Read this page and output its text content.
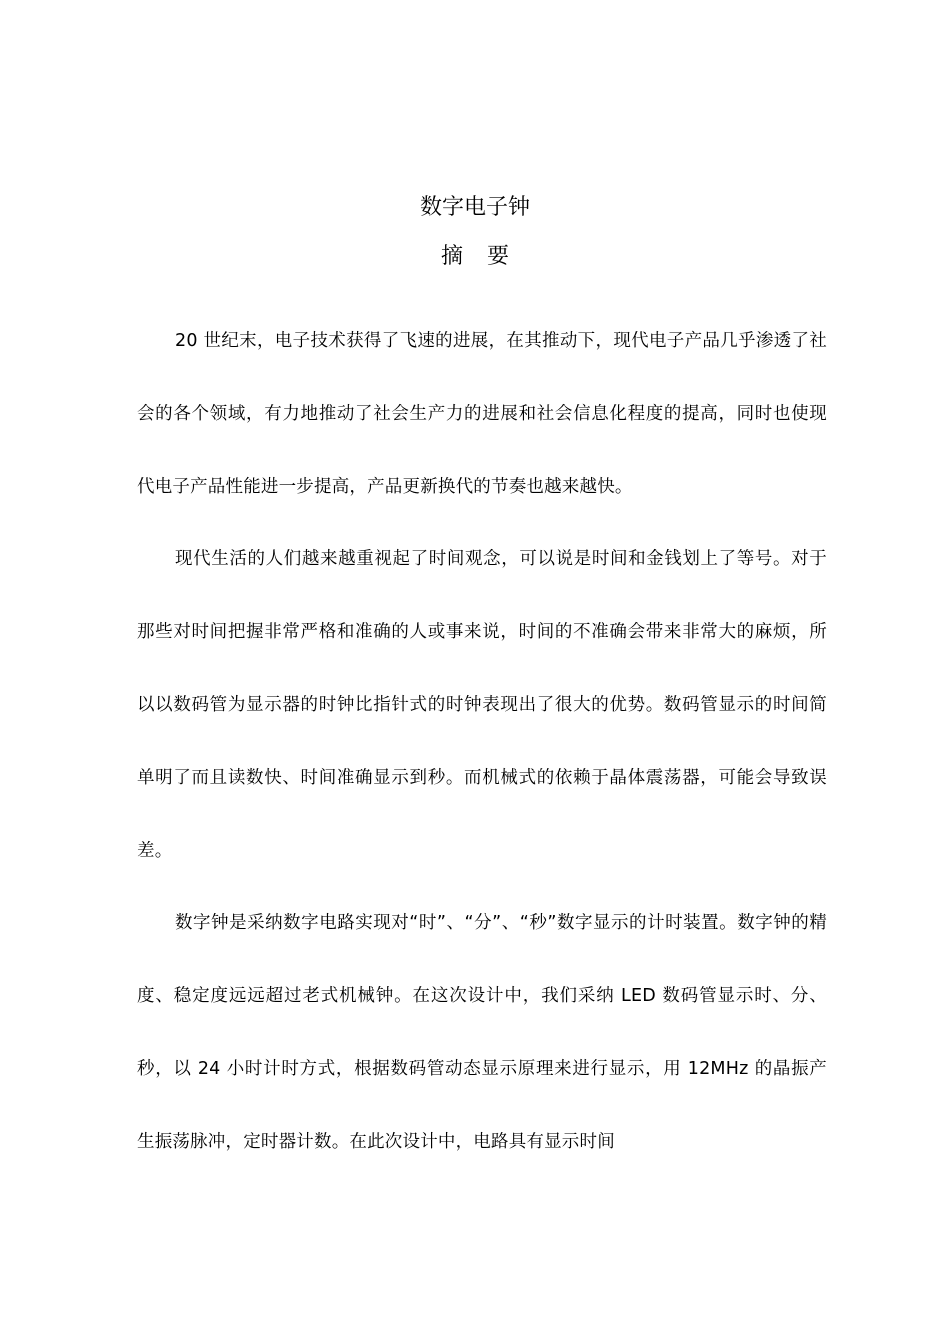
数字电子钟
摘要

20 世纪末，电子技术获得了飞速的进展，在其推动下，现代电子产品几乎渗透了社会的各个领域，有力地推动了社会生产力的进展和社会信息化程度的提高，同时也使现代电子产品性能进一步提高，产品更新换代的节奏也越来越快。

现代生活的人们越来越重视起了时间观念，可以说是时间和金钱划上了等号。对于那些对时间把握非常严格和准确的人或事来说，时间的不准确会带来非常大的麻烦，所以以数码管为显示器的时钟比指针式的时钟表现出了很大的优势。数码管显示的时间简单明了而且读数快、时间准确显示到秒。而机械式的依赖于晶体震荡器，可能会导致误差。

数字钟是采纳数字电路实现对“时”、“分”、“秒”数字显示的计时装置。数字钟的精度、稳定度远远超过老式机械钟。在这次设计中，我们采纳 LED 数码管显示时、分、秒，以 24 小时计时方式，根据数码管动态显示原理来进行显示，用 12MHz 的晶振产生振荡脉冲，定时器计数。在此次设计中，电路具有显示时间
